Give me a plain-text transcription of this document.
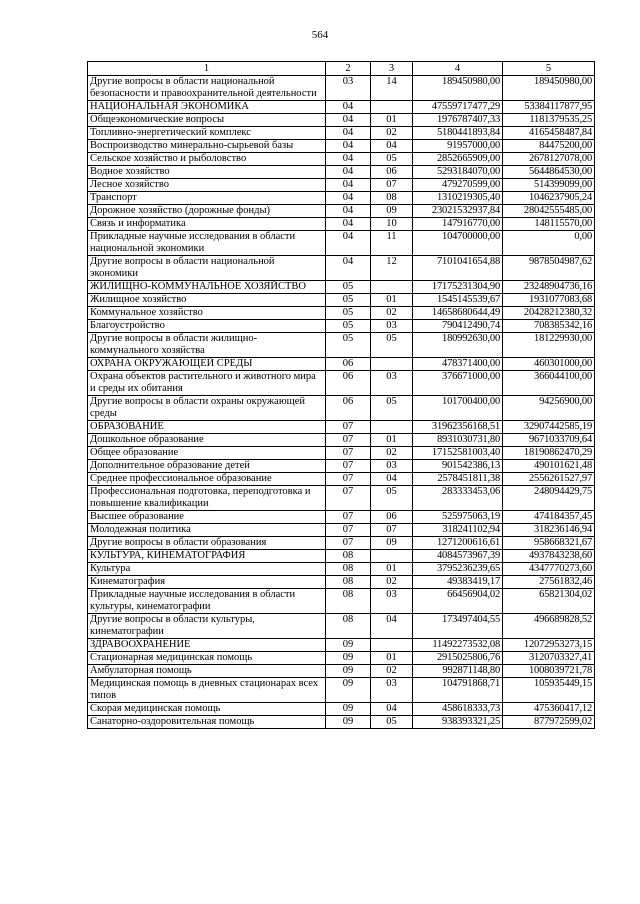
564
1	2	3	4	5
Другие вопросы в области национальной безопасности и правоохранительной деятельности	03	14	189450980,00	189450980,00
НАЦИОНАЛЬНАЯ ЭКОНОМИКА	04		47559717477,29	53384117877,95
Общеэкономические вопросы	04	01	1976787407,33	1181379535,25
Топливно-энергетический комплекс	04	02	5180441893,84	4165458487,84
Воспроизводство минерально-сырьевой базы	04	04	91957000,00	84475200,00
Сельское хозяйство и рыболовство	04	05	2852665909,00	2678127078,00
Водное хозяйство	04	06	5293184070,00	5644864530,00
Лесное хозяйство	04	07	479270599,00	514399099,00
Транспорт	04	08	1310219305,40	1046237905,24
Дорожное хозяйство (дорожные фонды)	04	09	23021532937,84	28042555485,00
Связь и информатика	04	10	147916770,00	148115570,00
Прикладные научные исследования в области национальной экономики	04	11	104700000,00	0,00
Другие вопросы в области национальной экономики	04	12	7101041654,88	9878504987,62
ЖИЛИЩНО-КОММУНАЛЬНОЕ ХОЗЯЙСТВО	05		17175231304,90	23248904736,16
Жилищное хозяйство	05	01	1545145539,67	1931077083,68
Коммунальное хозяйство	05	02	14658680644,49	20428212380,32
Благоустройство	05	03	790412490,74	708385342,16
Другие вопросы в области жилищно-коммунального хозяйства	05	05	180992630,00	181229930,00
ОХРАНА ОКРУЖАЮЩЕЙ СРЕДЫ	06		478371400,00	460301000,00
Охрана объектов растительного и животного мира и среды их обитания	06	03	376671000,00	366044100,00
Другие вопросы в области охраны окружающей среды	06	05	101700400,00	94256900,00
ОБРАЗОВАНИЕ	07		31962356168,51	32907442585,19
Дошкольное образование	07	01	8931030731,80	9671033709,64
Общее образование	07	02	17152581003,40	18190862470,29
Дополнительное образование детей	07	03	901542386,13	490101621,48
Среднее профессиональное образование	07	04	2578451811,38	2556261527,97
Профессиональная подготовка, переподготовка и повышение квалификации	07	05	283333453,06	248094429,75
Высшее образование	07	06	525975063,19	474184357,45
Молодежная политика	07	07	318241102,94	318236146,94
Другие вопросы в области образования	07	09	1271200616,61	958668321,67
КУЛЬТУРА, КИНЕМАТОГРАФИЯ	08		4084573967,39	4937843238,60
Культура	08	01	3795236239,65	4347770273,60
Кинематография	08	02	49383419,17	27561832,46
Прикладные научные исследования в области культуры, кинематографии	08	03	66456904,02	65821304,02
Другие вопросы в области культуры, кинематографии	08	04	173497404,55	496689828,52
ЗДРАВООХРАНЕНИЕ	09		11492273532,08	12072953273,15
Стационарная медицинская помощь	09	01	2915025806,76	3120703327,41
Амбулаторная помощь	09	02	992871148,80	1008039721,78
Медицинская помощь в дневных стационарах всех типов	09	03	104791868,71	105935449,15
Скорая медицинская помощь	09	04	458618333,73	475360417,12
Санаторно-оздоровительная помощь	09	05	938393321,25	877972599,02
